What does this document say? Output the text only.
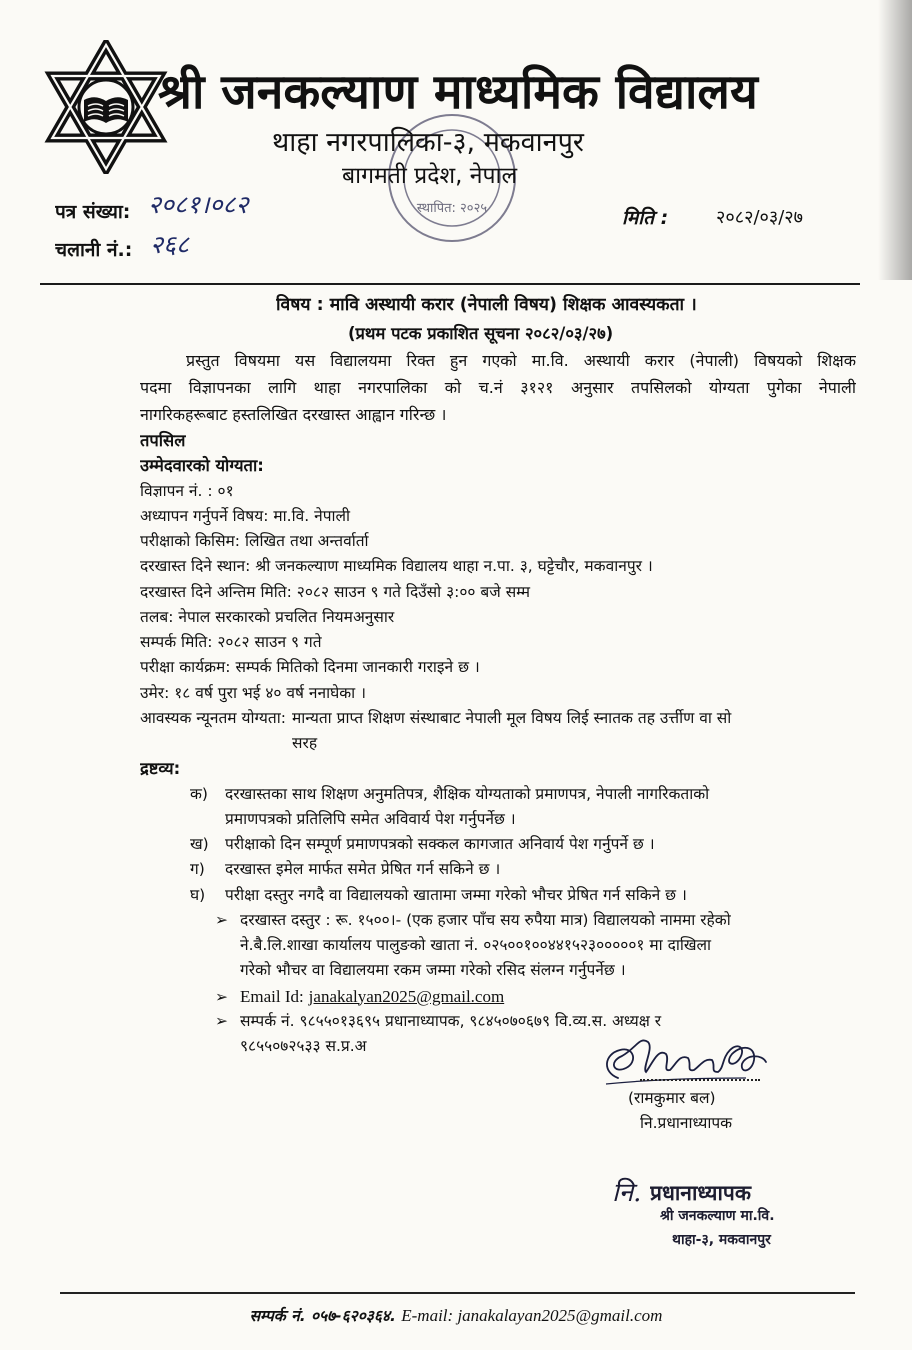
स्थापित: २०२५
श्री जनकल्याण माध्यमिक विद्यालय
थाहा नगरपालिका-३, मकवानपुर
बागमती प्रदेश, नेपाल
पत्र संख्या: २०८१।०८२
चलानी नं.: २६८
मिति :	२०८२/०३/२७
विषय : मावि अस्थायी करार (नेपाली विषय) शिक्षक आवस्यकता ।
(प्रथम पटक प्रकाशित सूचना २०८२/०३/२७)
प्रस्तुत विषयमा यस विद्यालयमा रिक्त हुन गएको मा.वि. अस्थायी करार (नेपाली) विषयको शिक्षक
पदमा विज्ञापनका लागि थाहा नगरपालिका को च.नं ३१२१ अनुसार तपसिलको योग्यता पुगेका नेपाली
नागरिकहरूबाट हस्तलिखित दरखास्त आह्वान गरिन्छ ।
तपसिल
उम्मेदवारको योग्यता:
विज्ञापन नं. : ०१
अध्यापन गर्नुपर्ने विषय: मा.वि. नेपाली
परीक्षाको किसिम: लिखित तथा अन्तर्वार्ता
दरखास्त दिने स्थान: श्री जनकल्याण माध्यमिक विद्यालय थाहा न.पा. ३, घट्टेचौर, मकवानपुर ।
दरखास्त दिने अन्तिम मिति: २०८२ साउन ९ गते दिउँसो ३:०० बजे सम्म
तलब: नेपाल सरकारको प्रचलित नियमअनुसार
सम्पर्क मिति: २०८२ साउन ९ गते
परीक्षा कार्यक्रम: सम्पर्क मितिको दिनमा जानकारी गराइने छ ।
उमेर: १८ वर्ष पुरा भई ४० वर्ष ननाघेका ।
आवस्यक न्यूनतम योग्यता: मान्यता प्राप्त शिक्षण संस्थाबाट नेपाली मूल विषय लिई स्नातक तह उर्त्तीण वा सो
सरह
द्रष्टव्य:
क) दरखास्तका साथ शिक्षण अनुमतिपत्र, शैक्षिक योग्यताको प्रमाणपत्र, नेपाली नागरिकताको
प्रमाणपत्रको प्रतिलिपि समेत अविवार्य पेश गर्नुपर्नेछ ।
ख) परीक्षाको दिन सम्पूर्ण प्रमाणपत्रको सक्कल कागजात अनिवार्य पेश गर्नुपर्ने छ ।
ग) दरखास्त इमेल मार्फत समेत प्रेषित गर्न सकिने छ ।
घ) परीक्षा दस्तुर नगदै वा विद्यालयको खातामा जम्मा गरेको भौचर प्रेषित गर्न सकिने छ ।
➢ दरखास्त दस्तुर : रू. १५००।- (एक हजार पाँच सय रुपैया मात्र) विद्यालयको नाममा रहेको
ने.बै.लि.शाखा कार्यालय पालुङको खाता नं. ०२५००१००४४१५२३०००००१ मा दाखिला
गरेको भौचर वा विद्यालयमा रकम जम्मा गरेको रसिद संलग्न गर्नुपर्नेछ ।
➢ Email Id: janakalyan2025@gmail.com
➢ सम्पर्क नं. ९८५५०१३६९५ प्रधानाध्यापक, ९८४५०७०६७९ वि.व्य.स. अध्यक्ष र
९८५५०७२५३३ स.प्र.अ
(रामकुमार बल)
नि.प्रधानाध्यापक
नि. प्रधानाध्यापक
श्री जनकल्याण मा.वि.
थाहा-३, मकवानपुर
सम्पर्क नं. ०५७-६२०३६४. E-mail: janakalayan2025@gmail.com
